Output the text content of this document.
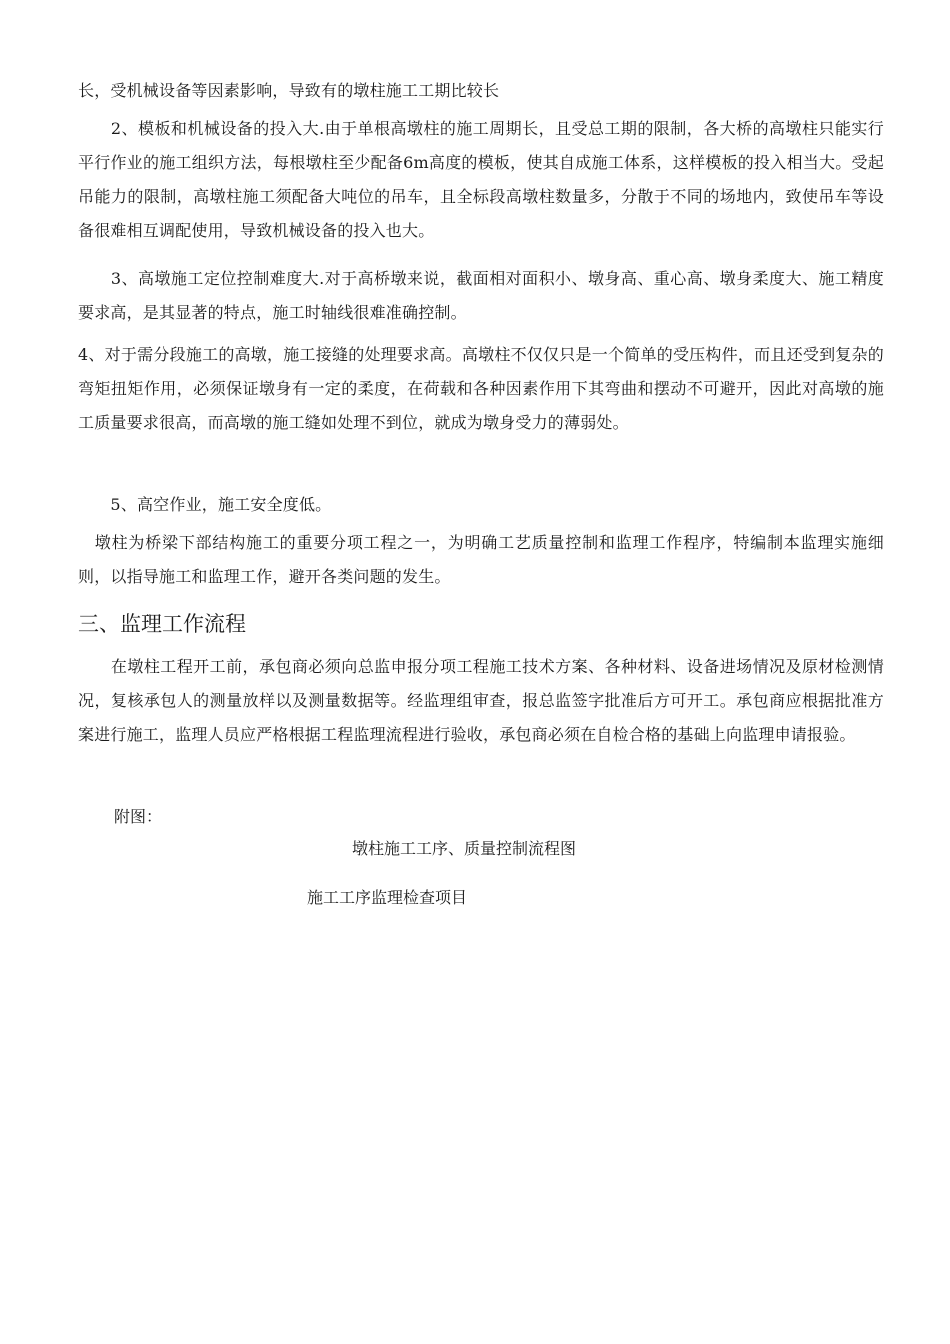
长，受机械设备等因素影响，导致有的墩柱施工工期比较长

　　2、模板和机械设备的投入大.由于单根高墩柱的施工周期长，且受总工期的限制，各大桥的高墩柱只能实行平行作业的施工组织方法，每根墩柱至少配备6m高度的模板，使其自成施工体系，这样模板的投入相当大。受起吊能力的限制，高墩柱施工须配备大吨位的吊车，且全标段高墩柱数量多，分散于不同的场地内，致使吊车等设备很难相互调配使用，导致机械设备的投入也大。

　　3、高墩施工定位控制难度大.对于高桥墩来说，截面相对面积小、墩身高、重心高、墩身柔度大、施工精度要求高，是其显著的特点，施工时轴线很难准确控制。

4、对于需分段施工的高墩，施工接缝的处理要求高。高墩柱不仅仅只是一个简单的受压构件，而且还受到复杂的弯矩扭矩作用，必须保证墩身有一定的柔度，在荷载和各种因素作用下其弯曲和摆动不可避开，因此对高墩的施工质量要求很高，而高墩的施工缝如处理不到位，就成为墩身受力的薄弱处。

　　5、高空作业，施工安全度低。

　墩柱为桥梁下部结构施工的重要分项工程之一，为明确工艺质量控制和监理工作程序，特编制本监理实施细则，以指导施工和监理工作，避开各类问题的发生。

三、监理工作流程

　　在墩柱工程开工前，承包商必须向总监申报分项工程施工技术方案、各种材料、设备进场情况及原材检测情况，复核承包人的测量放样以及测量数据等。经监理组审查，报总监签字批准后方可开工。承包商应根据批准方案进行施工，监理人员应严格根据工程监理流程进行验收，承包商必须在自检合格的基础上向监理申请报验。

附图：

墩柱施工工序、质量控制流程图

施工工序监理检查项目
